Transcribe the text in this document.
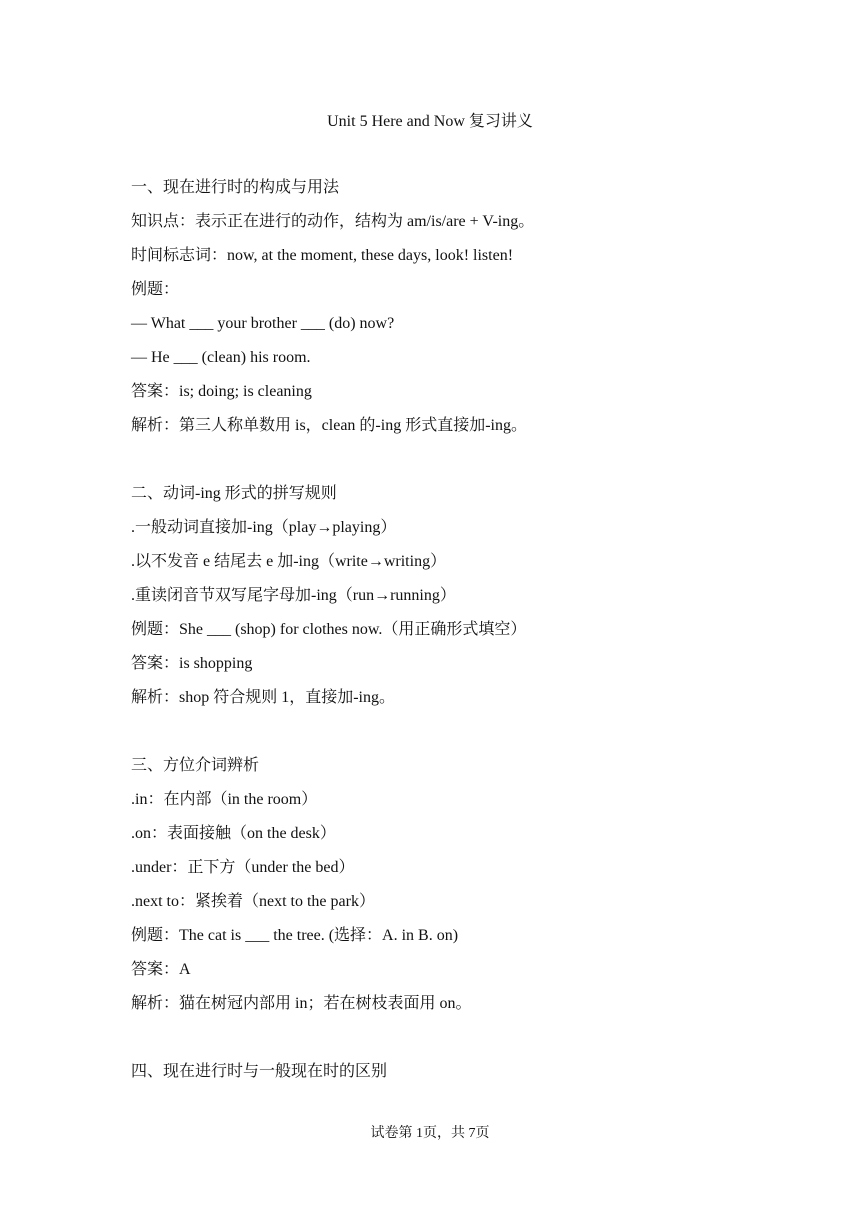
Unit 5 Here and Now 复习讲义
一、现在进行时的构成与用法
知识点：表示正在进行的动作，结构为 am/is/are + V-ing。
时间标志词：now, at the moment, these days, look! listen!
例题：
— What ___ your brother ___ (do) now?
— He ___ (clean) his room.
答案：is; doing; is cleaning
解析：第三人称单数用 is，clean 的-ing 形式直接加-ing。
二、动词-ing 形式的拼写规则
.一般动词直接加-ing（play→playing）
.以不发音 e 结尾去 e 加-ing（write→writing）
.重读闭音节双写尾字母加-ing（run→running）
例题：She ___ (shop) for clothes now.（用正确形式填空）
答案：is shopping
解析：shop 符合规则 1，直接加-ing。
三、方位介词辨析
.in：在内部（in the room）
.on：表面接触（on the desk）
.under：正下方（under the bed）
.next to：紧挨着（next to the park）
例题：The cat is ___ the tree. (选择：A. in B. on)
答案：A
解析：猫在树冠内部用 in；若在树枝表面用 on。
四、现在进行时与一般现在时的区别
试卷第 1页，共 7页
